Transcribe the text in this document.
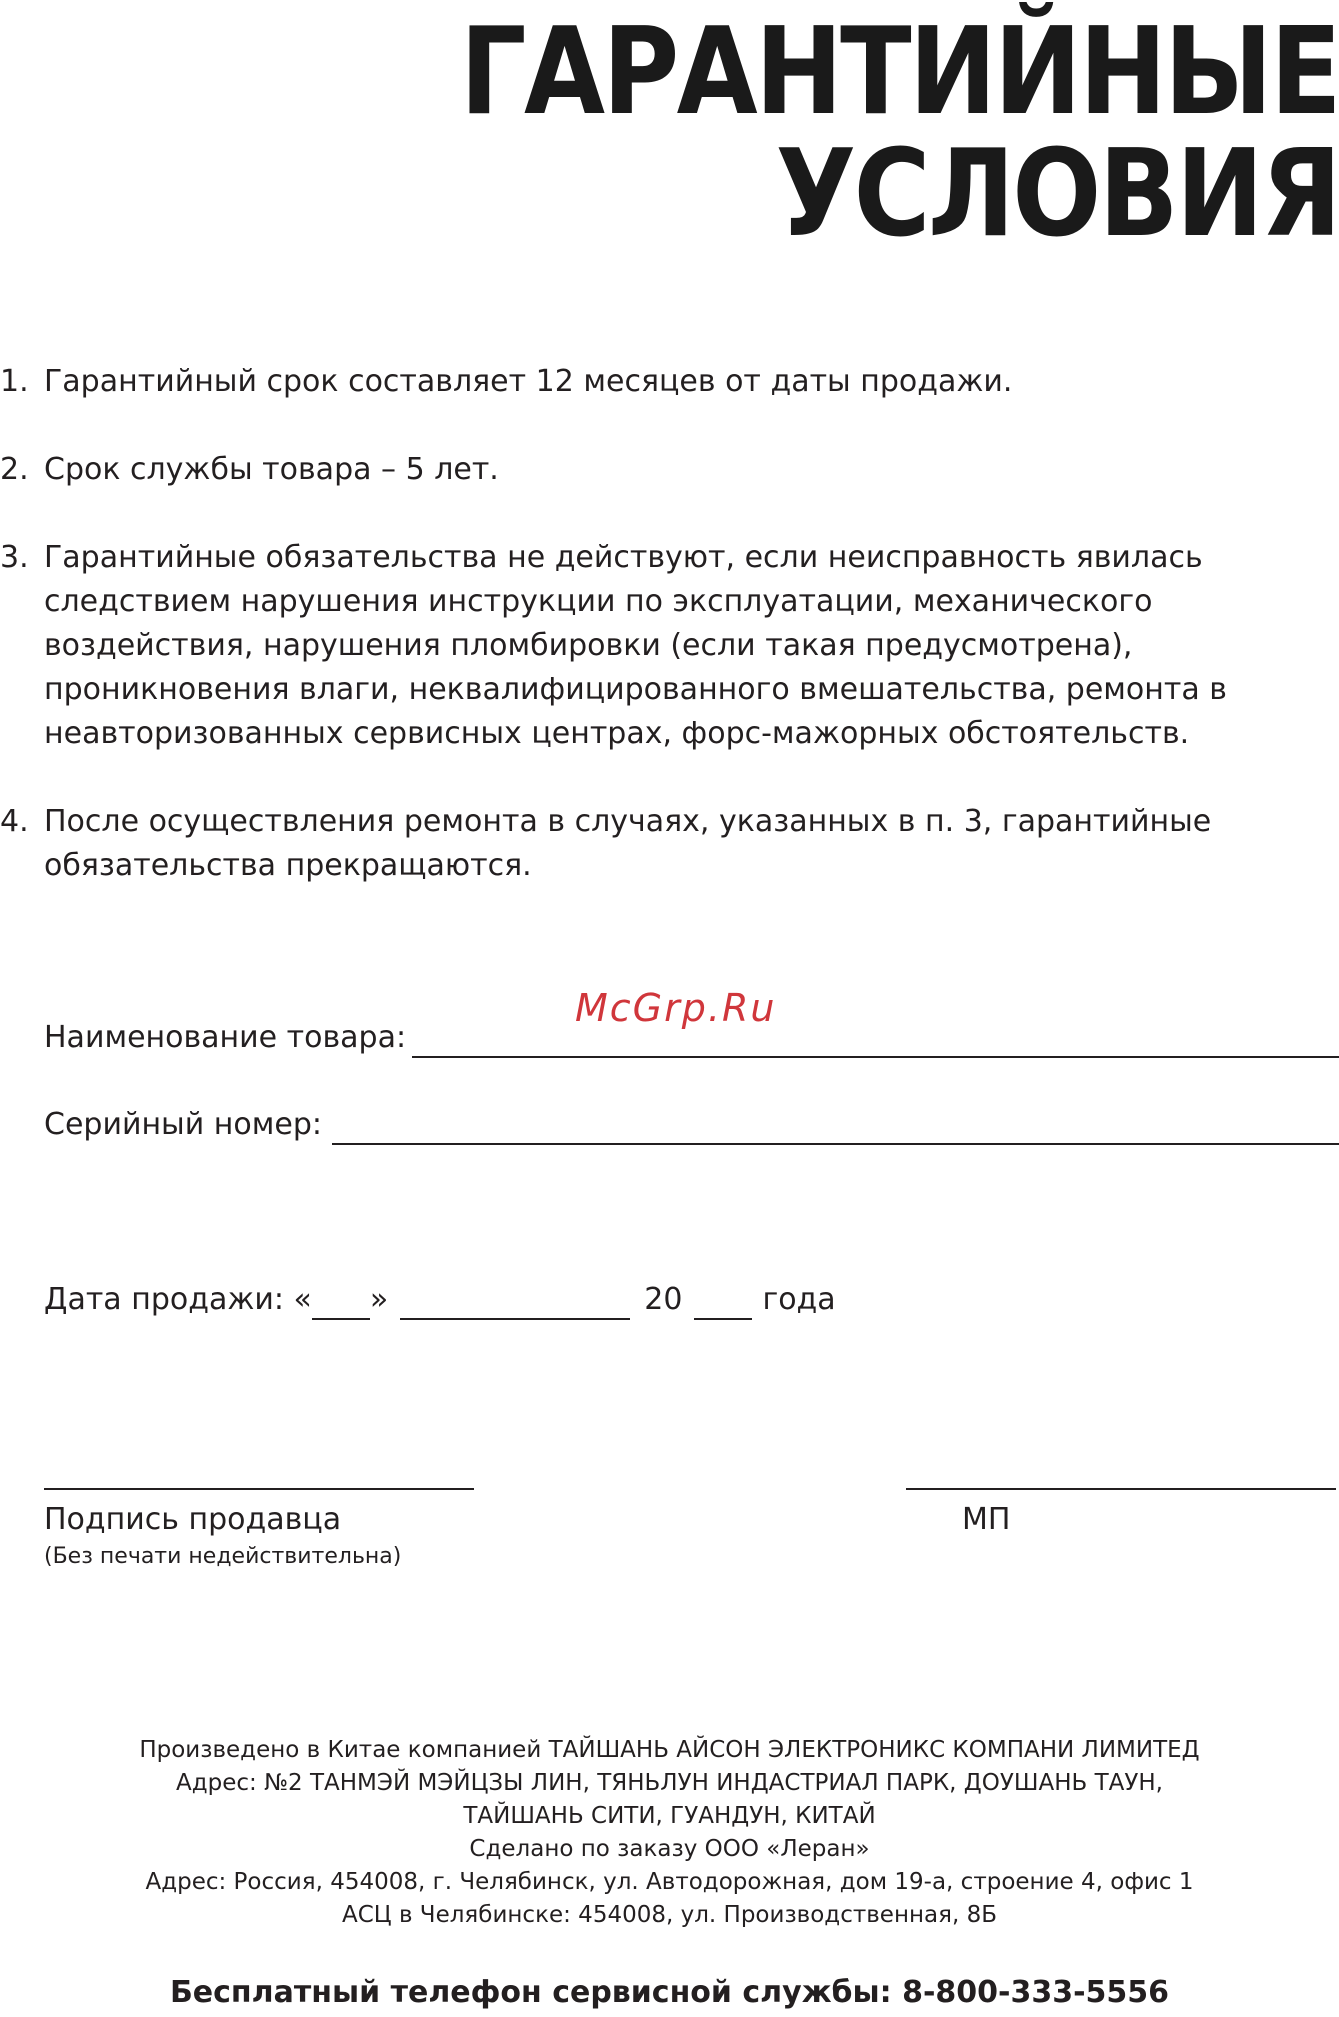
ГАРАНТИЙНЫЕ
УСЛОВИЯ
1. Гарантийный срок составляет 12 месяцев от даты продажи.
2. Срок службы товара – 5 лет.
3. Гарантийные обязательства не действуют, если неисправность явилась следствием нарушения инструкции по эксплуатации, механического воздействия, нарушения пломбировки (если такая предусмотрена), проникновения влаги, неквалифицированного вмешательства, ремонта в неавторизованных сервисных центрах, форс-мажорных обстоятельств.
4. После осуществления ремонта в случаях, указанных в п. 3, гарантийные обязательства прекращаются.
McGrp.Ru
Наименование товара:
Серийный номер:
Дата продажи: « »	20	года
Подпись продавца
(Без печати недействительна)
МП
Произведено в Китае компанией ТАЙШАНЬ АЙСОН ЭЛЕКТРОНИКС КОМПАНИ ЛИМИТЕД
Адрес: №2 ТАНМЭЙ МЭЙЦЗЫ ЛИН, ТЯНЬЛУН ИНДАСТРИАЛ ПАРК, ДОУШАНЬ ТАУН,
ТАЙШАНЬ СИТИ, ГУАНДУН, КИТАЙ
Сделано по заказу ООО «Леран»
Адрес: Россия, 454008, г. Челябинск, ул. Автодорожная, дом 19-а, строение 4, офис 1
АСЦ в Челябинске: 454008, ул. Производственная, 8Б
Бесплатный телефон сервисной службы: 8-800-333-5556
